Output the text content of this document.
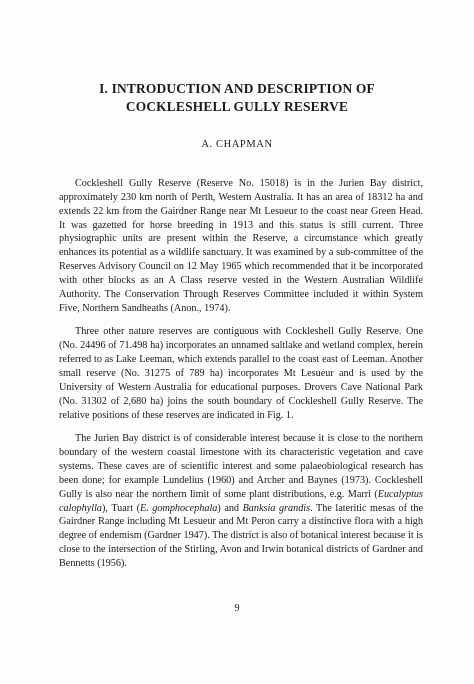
I. INTRODUCTION AND DESCRIPTION OF
COCKLESHELL GULLY RESERVE
A. CHAPMAN

Cockleshell Gully Reserve (Reserve No. 15018) is in the Jurien Bay district, approximately 230 km north of Perth, Western Australia. It has an area of 18312 ha and extends 22 km from the Gairdner Range near Mt Lesueur to the coast near Green Head. It was gazetted for horse breeding in 1913 and this status is still current. Three physiographic units are present within the Reserve, a circumstance which greatly enhances its potential as a wildlife sanctuary. It was examined by a sub-committee of the Reserves Advisory Council on 12 May 1965 which recommended that it be incorporated with other blocks as an A Class reserve vested in the Western Australian Wildlife Authority. The Conservation Through Reserves Committee included it within System Five, Northern Sandheaths (Anon., 1974).

Three other nature reserves are contiguous with Cockleshell Gully Reserve. One (No. 24496 of 71.498 ha) incorporates an unnamed saltlake and wetland complex, herein referred to as Lake Leeman, which extends parallel to the coast east of Leeman. Another small reserve (No. 31275 of 789 ha) incorporates Mt Lesueur and is used by the University of Western Australia for educational purposes. Drovers Cave National Park (No. 31302 of 2,680 ha) joins the south boundary of Cockleshell Gully Reserve. The relative positions of these reserves are indicated in Fig. 1.

The Jurien Bay district is of considerable interest because it is close to the northern boundary of the western coastal limestone with its characteristic vegetation and cave systems. These caves are of scientific interest and some palaeobiological research has been done; for example Lundelius (1960) and Archer and Baynes (1973). Cockleshell Gully is also near the northern limit of some plant distributions, e.g. Marri (Eucalyptus calophylla), Tuart (E. gomphocephala) and Banksia grandis. The lateritic mesas of the Gairdner Range including Mt Lesueur and Mt Peron carry a distinctive flora with a high degree of endemism (Gardner 1947). The district is also of botanical interest because it is close to the intersection of the Stirling, Avon and Irwin botanical districts of Gardner and Bennetts (1956).

9
